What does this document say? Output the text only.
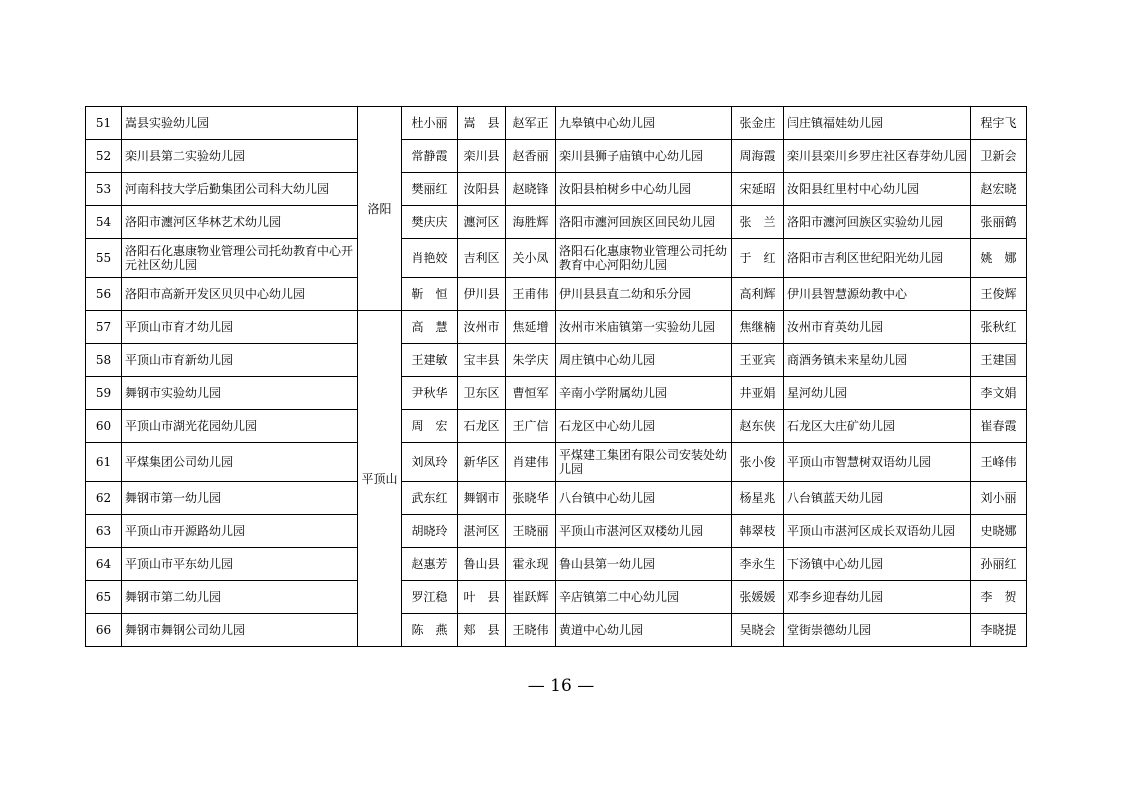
51	嵩县实验幼儿园	洛阳	杜小丽	嵩　县	赵军正	九皋镇中心幼儿园	张金庄	闫庄镇福娃幼儿园	程宇飞
52	栾川县第二实验幼儿园		常静霞	栾川县	赵香丽	栾川县狮子庙镇中心幼儿园	周海霞	栾川县栾川乡罗庄社区春芽幼儿园	卫新会
53	河南科技大学后勤集团公司科大幼儿园		樊丽红	汝阳县	赵晓锋	汝阳县柏树乡中心幼儿园	宋延昭	汝阳县红里村中心幼儿园	赵宏晓
54	洛阳市瀍河区华林艺术幼儿园		樊庆庆	瀍河区	海胜辉	洛阳市瀍河回族区回民幼儿园	张　兰	洛阳市瀍河回族区实验幼儿园	张丽鹤
55	洛阳石化惠康物业管理公司托幼教育中心开元社区幼儿园		肖艳姣	吉利区	关小凤	洛阳石化惠康物业管理公司托幼教育中心河阳幼儿园	于　红	洛阳市吉利区世纪阳光幼儿园	姚　娜
56	洛阳市高新开发区贝贝中心幼儿园		靳　恒	伊川县	王甫伟	伊川县县直二幼和乐分园	高利辉	伊川县智慧源幼教中心	王俊辉
57	平顶山市育才幼儿园	平顶山	高　慧	汝州市	焦延增	汝州市米庙镇第一实验幼儿园	焦继楠	汝州市育英幼儿园	张秋红
58	平顶山市育新幼儿园		王建敏	宝丰县	朱学庆	周庄镇中心幼儿园	王亚宾	商酒务镇未来星幼儿园	王建国
59	舞钢市实验幼儿园		尹秋华	卫东区	曹恒军	辛南小学附属幼儿园	井亚娟	星河幼儿园	李文娟
60	平顶山市湖光花园幼儿园		周　宏	石龙区	王广信	石龙区中心幼儿园	赵东侠	石龙区大庄矿幼儿园	崔春霞
61	平煤集团公司幼儿园		刘凤玲	新华区	肖建伟	平煤建工集团有限公司安装处幼儿园	张小俊	平顶山市智慧树双语幼儿园	王峰伟
62	舞钢市第一幼儿园		武东红	舞钢市	张晓华	八台镇中心幼儿园	杨星兆	八台镇蓝天幼儿园	刘小丽
63	平顶山市开源路幼儿园		胡晓玲	湛河区	王晓丽	平顶山市湛河区双楼幼儿园	韩翠枝	平顶山市湛河区成长双语幼儿园	史晓娜
64	平顶山市平东幼儿园		赵惠芳	鲁山县	霍永现	鲁山县第一幼儿园	李永生	下汤镇中心幼儿园	孙丽红
65	舞钢市第二幼儿园		罗江稳	叶　县	崔跃辉	辛店镇第二中心幼儿园	张媛媛	邓李乡迎春幼儿园	李　贺
66	舞钢市舞钢公司幼儿园		陈　燕	郏　县	王晓伟	黄道中心幼儿园	吴晓会	堂街崇德幼儿园	李晓提
— 16 —
